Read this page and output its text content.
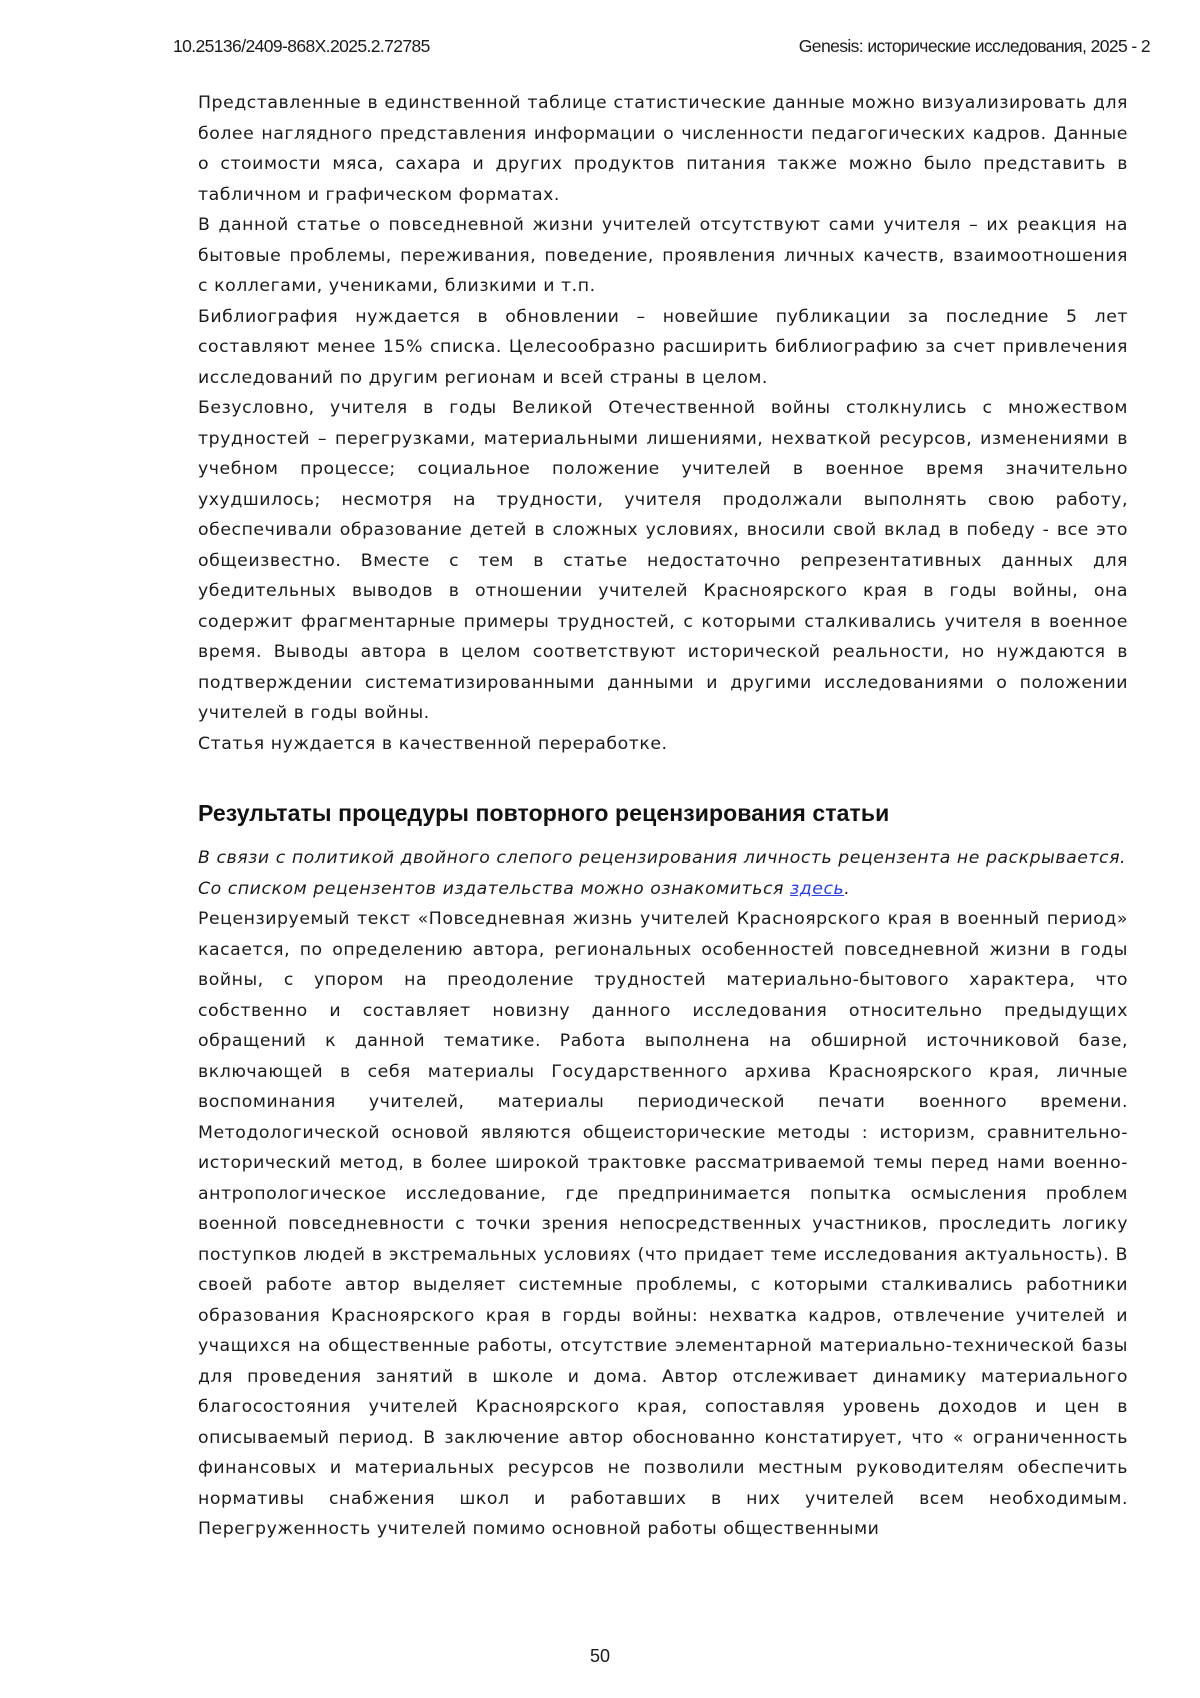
10.25136/2409-868X.2025.2.72785	Genesis: исторические исследования, 2025 - 2

Представленные в единственной таблице статистические данные можно визуализировать для более наглядного представления информации о численности педагогических кадров. Данные о стоимости мяса, сахара и других продуктов питания также можно было представить в табличном и графическом форматах.

В данной статье о повседневной жизни учителей отсутствуют сами учителя – их реакция на бытовые проблемы, переживания, поведение, проявления личных качеств, взаимоотношения с коллегами, учениками, близкими и т.п.

Библиография нуждается в обновлении – новейшие публикации за последние 5 лет составляют менее 15% списка. Целесообразно расширить библиографию за счет привлечения исследований по другим регионам и всей страны в целом.

Безусловно, учителя в годы Великой Отечественной войны столкнулись с множеством трудностей – перегрузками, материальными лишениями, нехваткой ресурсов, изменениями в учебном процессе; социальное положение учителей в военное время значительно ухудшилось; несмотря на трудности, учителя продолжали выполнять свою работу, обеспечивали образование детей в сложных условиях, вносили свой вклад в победу - все это общеизвестно. Вместе с тем в статье недостаточно репрезентативных данных для убедительных выводов в отношении учителей Красноярского края в годы войны, она содержит фрагментарные примеры трудностей, с которыми сталкивались учителя в военное время. Выводы автора в целом соответствуют исторической реальности, но нуждаются в подтверждении систематизированными данными и другими исследованиями о положении учителей в годы войны.

Статья нуждается в качественной переработке.

Результаты процедуры повторного рецензирования статьи

В связи с политикой двойного слепого рецензирования личность рецензента не раскрывается.

Со списком рецензентов издательства можно ознакомиться здесь.

Рецензируемый текст «Повседневная жизнь учителей Красноярского края в военный период» касается, по определению автора, региональных особенностей повседневной жизни в годы войны, с упором на преодоление трудностей материально-бытового характера, что собственно и составляет новизну данного исследования относительно предыдущих обращений к данной тематике. Работа выполнена на обширной источниковой базе, включающей в себя материалы Государственного архива Красноярского края, личные воспоминания учителей, материалы периодической печати военного времени. Методологической основой являются общеисторические методы : историзм, сравнительно-исторический метод, в более широкой трактовке рассматриваемой темы перед нами военно-антропологическое исследование, где предпринимается попытка осмысления проблем военной повседневности с точки зрения непосредственных участников, проследить логику поступков людей в экстремальных условиях (что придает теме исследования актуальность). В своей работе автор выделяет системные проблемы, с которыми сталкивались работники образования Красноярского края в горды войны: нехватка кадров, отвлечение учителей и учащихся на общественные работы, отсутствие элементарной материально-технической базы для проведения занятий в школе и дома. Автор отслеживает динамику материального благосостояния учителей Красноярского края, сопоставляя уровень доходов и цен в описываемый период. В заключение автор обоснованно констатирует, что « ограниченность финансовых и материальных ресурсов не позволили местным руководителям обеспечить нормативы снабжения школ и работавших в них учителей всем необходимым. Перегруженность учителей помимо основной работы общественными

50
